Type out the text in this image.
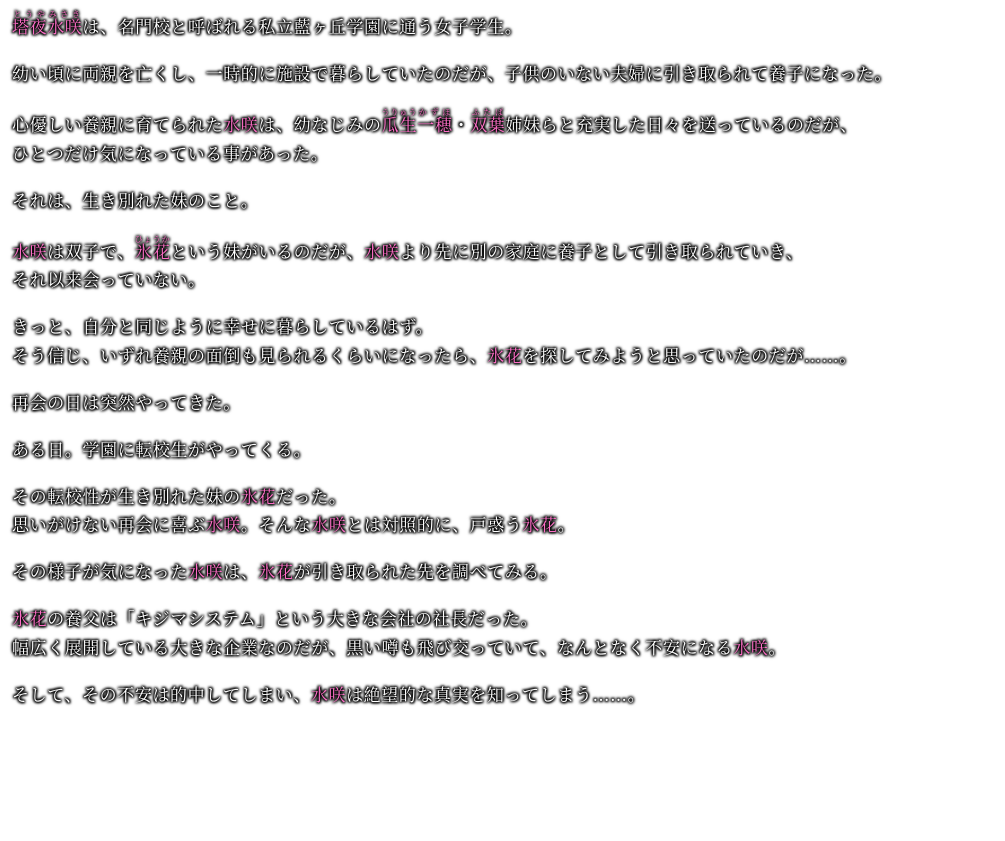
塔夜とうや水咲みさきは、名門校と呼ばれる私立藍ヶ丘学園に通う女子学生。
幼い頃に両親を亡くし、一時的に施設で暮らしていたのだが、子供のいない夫婦に引き取られて養子になった。
心優しい養親に育てられた水咲は、幼なじみの瓜生うりゅう一穂かずほ・双葉ふたば姉妹らと充実した日々を送っているのだが、
ひとつだけ気になっている事があった。
それは、生き別れた妹のこと。
水咲は双子で、氷花ひょうかという妹がいるのだが、水咲より先に別の家庭に養子として引き取られていき、
それ以来会っていない。
きっと、自分と同じように幸せに暮らしているはず。
そう信じ、いずれ養親の面倒も見られるくらいになったら、氷花を探してみようと思っていたのだが……。
再会の日は突然やってきた。
ある日。学園に転校生がやってくる。
その転校性が生き別れた妹の氷花だった。
思いがけない再会に喜ぶ水咲。そんな水咲とは対照的に、戸惑う氷花。
その様子が気になった水咲は、氷花が引き取られた先を調べてみる。
氷花の養父は「キジマシステム」という大きな会社の社長だった。
幅広く展開している大きな企業なのだが、黒い噂も飛び交っていて、なんとなく不安になる水咲。
そして、その不安は的中してしまい、水咲は絶望的な真実を知ってしまう……。
